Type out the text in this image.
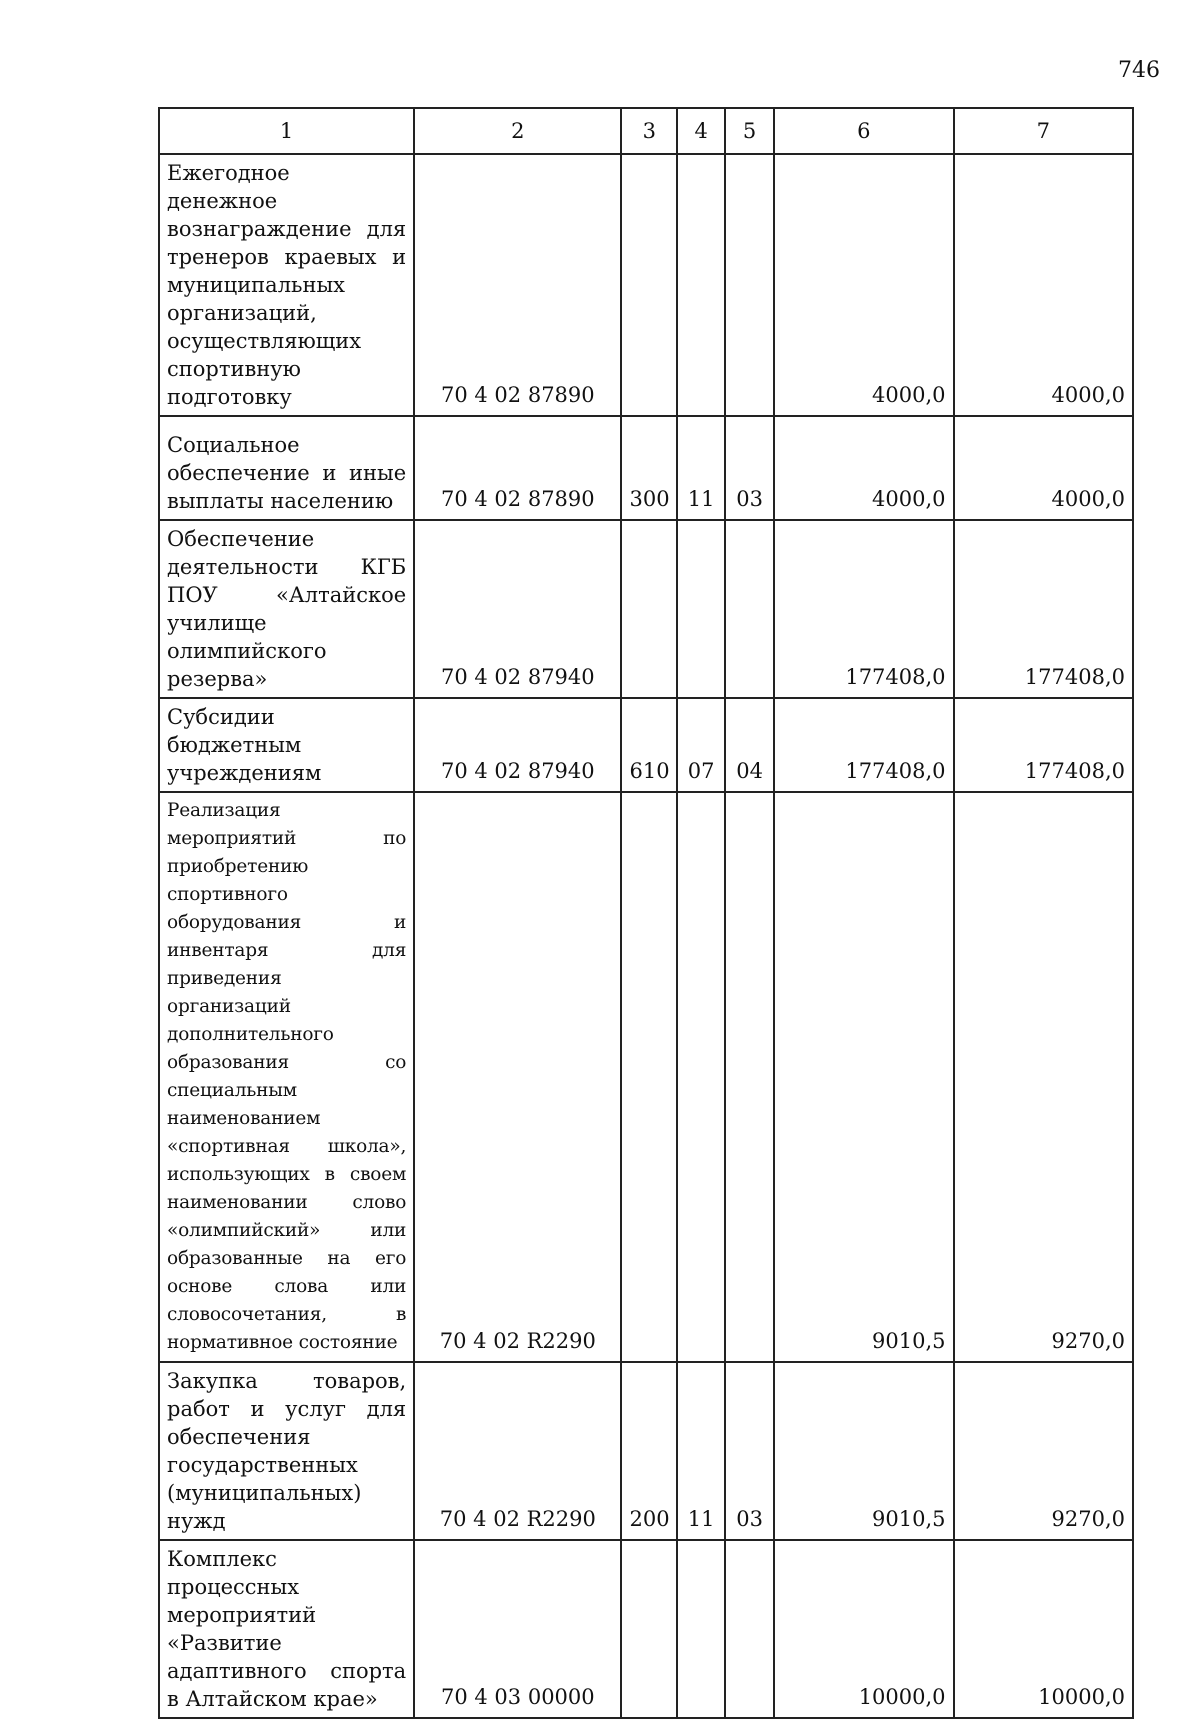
746
1	2	3	4	5	6	7
Ежегодное денежное вознаграждение для тренеров краевых и муниципальных организаций, осуществляющих спортивную подготовку	70 4 02 87890				4000,0	4000,0
Социальное обеспечение и иные выплаты населению	70 4 02 87890	300	11	03	4000,0	4000,0
Обеспечение деятельности КГБ ПОУ «Алтайское училище олимпийского резерва»	70 4 02 87940				177408,0	177408,0
Субсидии бюджетным учреждениям	70 4 02 87940	610	07	04	177408,0	177408,0
Реализация мероприятий по приобретению спортивного оборудования и инвентаря для приведения организаций дополнительного образования со специальным наименованием «спортивная школа», использующих в своем наименовании слово «олимпийский» или образованные на его основе слова или словосочетания, в нормативное состояние	70 4 02 R2290				9010,5	9270,0
Закупка товаров, работ и услуг для обеспечения государственных (муниципальных) нужд	70 4 02 R2290	200	11	03	9010,5	9270,0
Комплекс процессных мероприятий «Развитие адаптивного спорта в Алтайском крае»	70 4 03 00000				10000,0	10000,0
